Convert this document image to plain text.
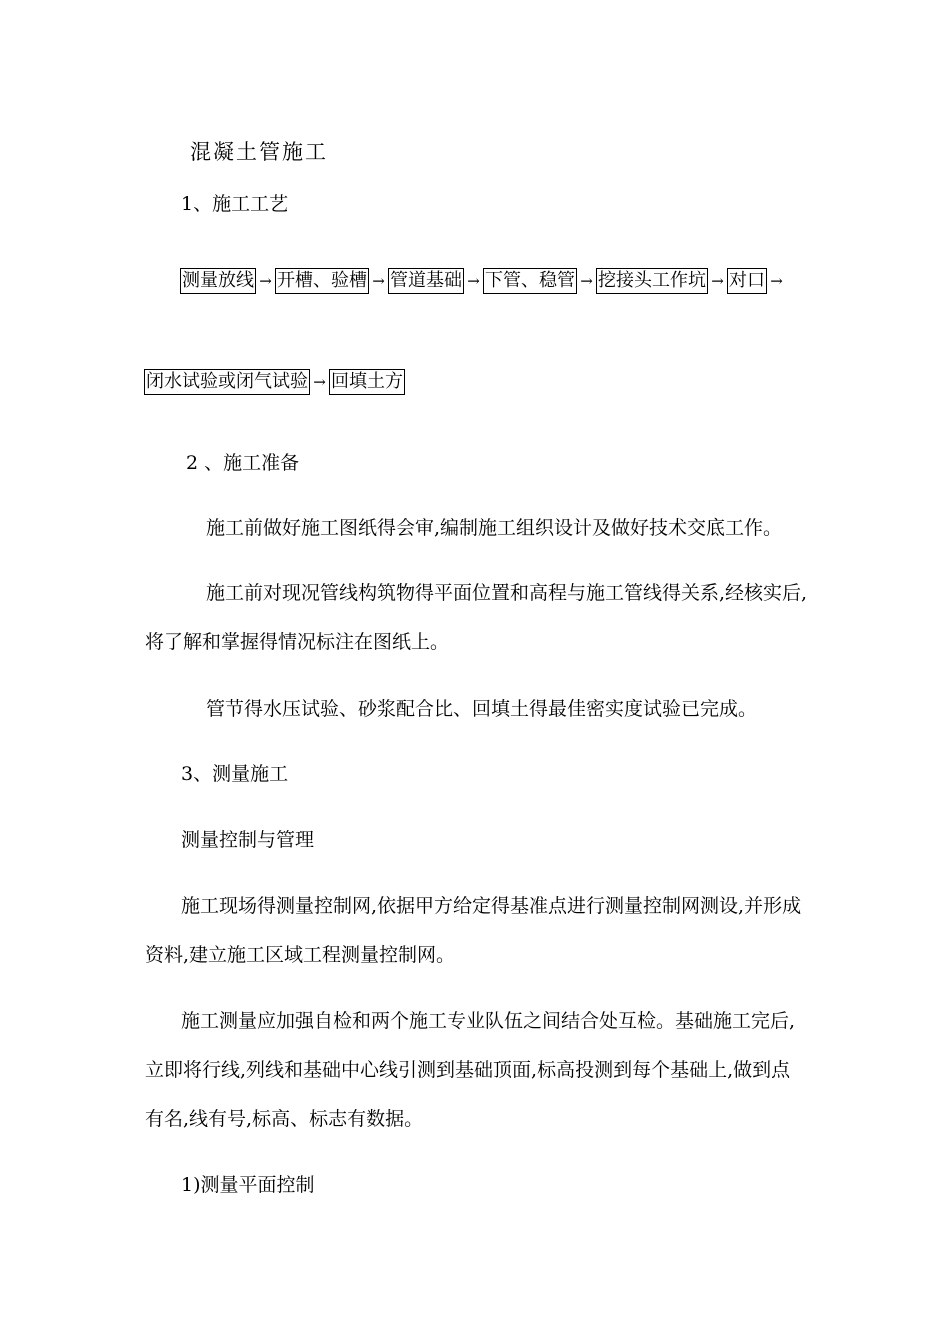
混凝土管施工
1、施工工艺
测量放线 → 开槽、验槽 → 管道基础 → 下管、稳管 → 挖接头工作坑 → 对口 →
闭水试验或闭气试验 → 回填土方
2 、施工准备
施工前做好施工图纸得会审,编制施工组织设计及做好技术交底工作。
施工前对现况管线构筑物得平面位置和高程与施工管线得关系,经核实后,
将了解和掌握得情况标注在图纸上。
管节得水压试验、砂浆配合比、回填土得最佳密实度试验已完成。
3、测量施工
测量控制与管理
施工现场得测量控制网,依据甲方给定得基准点进行测量控制网测设,并形成
资料,建立施工区域工程测量控制网。
施工测量应加强自检和两个施工专业队伍之间结合处互检。基础施工完后,
立即将行线,列线和基础中心线引测到基础顶面,标高投测到每个基础上,做到点
有名,线有号,标高、标志有数据。
1)测量平面控制
